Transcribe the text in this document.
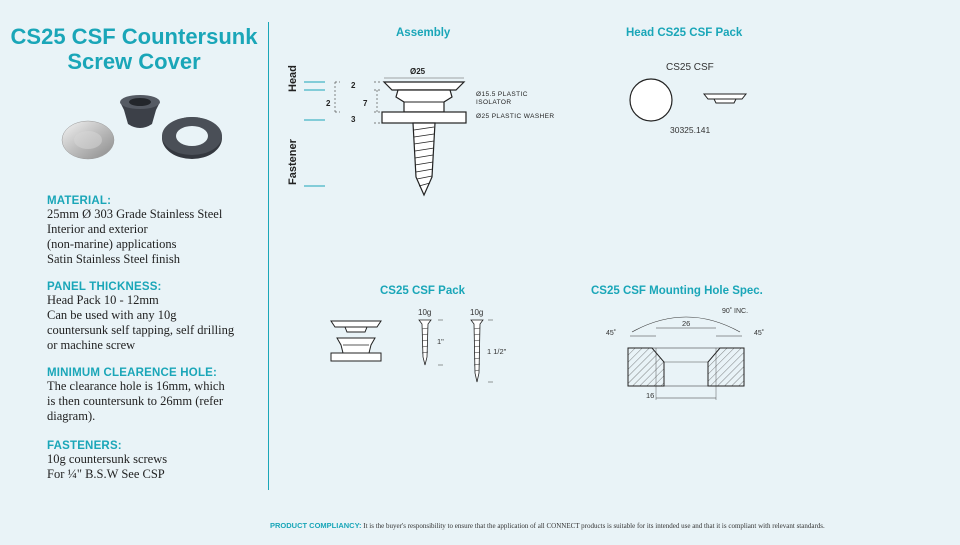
CS25 CSF Countersunk
Screw Cover
MATERIAL:
25mm Ø 303 Grade Stainless Steel
Interior and exterior
(non-marine) applications
Satin Stainless Steel finish
PANEL THICKNESS:
Head Pack 10 - 12mm
Can be used with any 10g
countersunk self tapping, self drilling
or machine screw
MINIMUM CLEARENCE HOLE:
The clearance hole is 16mm, which
is then countersunk to 26mm (refer
diagram).
FASTENERS:
10g countersunk screws
For ¼" B.S.W See CSP
Assembly	Head CS25 CSF Pack
CS25 CSF Pack	CS25 CSF Mounting Hole Spec.
Head
Fastener
2
2	7
3
Ø25
Ø15.5 PLASTIC
ISOLATOR
Ø25 PLASTIC WASHER
CS25 CSF
30325.141
10g
1"
10g
1 1/2"
90˚ INC.
26
45˚	45˚
16
PRODUCT COMPLIANCY: It is the buyer's responsibility to ensure that the application of all CONNECT products is suitable for its intended use and that it is compliant with relevant standards.
